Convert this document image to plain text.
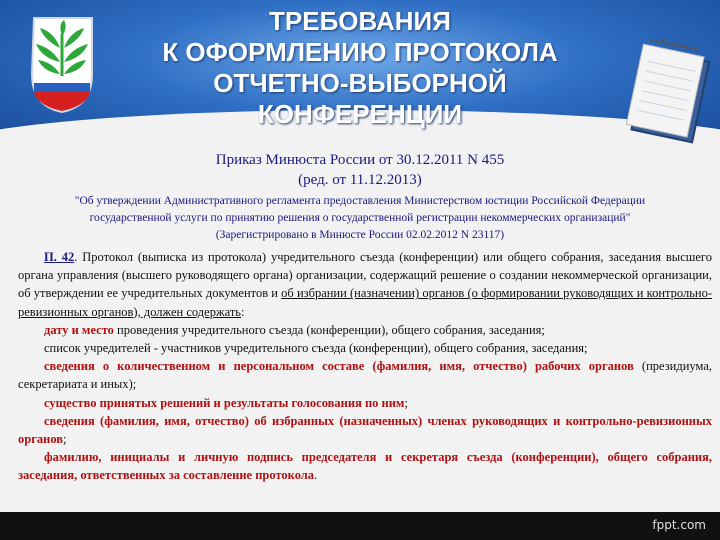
ТРЕБОВАНИЯ
К ОФОРМЛЕНИЮ ПРОТОКОЛА
ОТЧЕТНО-ВЫБОРНОЙ
КОНФЕРЕНЦИИ
Приказ Минюста России от 30.12.2011 N 455
(ред. от 11.12.2013)
"Об утверждении Административного регламента предоставления Министерством юстиции Российской Федерации
государственной услуги по принятию решения о государственной регистрации некоммерческих организаций"
(Зарегистрировано в Минюсте России 02.02.2012 N 23117)

П. 42. Протокол (выписка из протокола) учредительного съезда (конференции) или общего собрания, заседания высшего органа управления (высшего руководящего органа) организации, содержащий решение о создании некоммерческой организации, об утверждении ее учредительных документов и об избрании (назначении) органов (о формировании руководящих и контрольно-ревизионных органов), должен содержать:

дату и место проведения учредительного съезда (конференции), общего собрания, заседания;

список учредителей - участников учредительного съезда (конференции), общего собрания, заседания;

сведения о количественном и персональном составе (фамилия, имя, отчество) рабочих органов (президиума, секретариата и иных);

существо принятых решений и результаты голосования по ним;

сведения (фамилия, имя, отчество) об избранных (назначенных) членах руководящих и контрольно-ревизионных органов;

фамилию, инициалы и личную подпись председателя и секретаря съезда (конференции), общего собрания, заседания, ответственных за составление протокола.

fppt.com
